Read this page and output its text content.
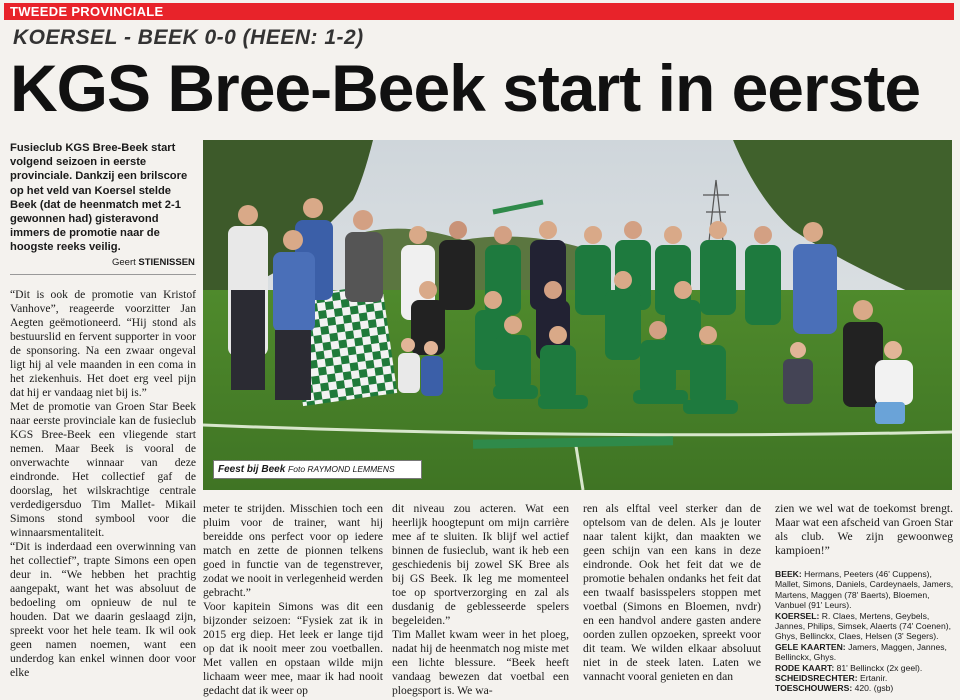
TWEEDE PROVINCIALE
KOERSEL - BEEK 0-0 (HEEN: 1-2)
KGS Bree-Beek start in eerste
Fusieclub KGS Bree-Beek start volgend seizoen in eerste provinciale. Dankzij een brilscore op het veld van Koersel stelde Beek (dat de heenmatch met 2-1 gewonnen had) gisteravond immers de promotie naar de hoogste reeks veilig.
Geert STIENISSEN

“Dit is ook de promotie van Kristof Vanhove”, reageerde voorzitter Jan Aegten geëmotioneerd. “Hij stond als bestuurslid en fervent supporter in voor de sponsoring. Na een zwaar ongeval ligt hij al vele maanden in een coma in het ziekenhuis. Het doet erg veel pijn dat hij er vandaag niet bij is.”

Met de promotie van Groen Star Beek naar eerste provinciale kan de fusieclub KGS Bree-Beek een vliegende start nemen. Maar Beek is vooral de onverwachte winnaar van deze eindronde. Het collectief gaf de doorslag, het wilskrachtige centrale verdedigersduo Tim Mallet- Mikail Simons stond symbool voor die winnaarsmentaliteit.

“Dit is inderdaad een overwinning van het collectief”, trapte Simons een open deur in. “We hebben het prachtig aangepakt, want het was absoluut de bedoeling om opnieuw de nul te houden. Dat we daarin geslaagd zijn, spreekt voor het hele team. Ik wil ook geen namen noemen, want een underdog kan enkel winnen door voor elke

Feest bij Beek Foto RAYMOND LEMMENS

meter te strijden. Misschien toch een pluim voor de trainer, want hij bereidde ons perfect voor op iedere match en zette de pionnen telkens goed in functie van de tegenstrever, zodat we nooit in verlegenheid werden gebracht.”

Voor kapitein Simons was dit een bijzonder seizoen: “Fysiek zat ik in 2015 erg diep. Het leek er lange tijd op dat ik nooit meer zou voetballen. Met vallen en opstaan wilde mijn lichaam weer mee, maar ik had nooit gedacht dat ik weer op

dit niveau zou acteren. Wat een heerlijk hoogtepunt om mijn carrière mee af te sluiten. Ik blijf wel actief binnen de fusieclub, want ik heb een geschiedenis bij zowel SK Bree als bij GS Beek. Ik leg me momenteel toe op sportverzorging en zal als dusdanig de geblesseerde spelers begeleiden.”

Tim Mallet kwam weer in het ploeg, nadat hij de heenmatch nog miste met een lichte blessure. “Beek heeft vandaag bewezen dat voetbal een ploegsport is. We wa-

ren als elftal veel sterker dan de optelsom van de delen. Als je louter naar talent kijkt, dan maakten we geen schijn van een kans in deze eindronde. Ook het feit dat we de promotie behalen ondanks het feit dat een twaalf basisspelers stoppen met voetbal (Simons en Bloemen, nvdr) en een handvol andere gasten andere oorden zullen opzoeken, spreekt voor dit team. We wilden elkaar absoluut niet in de steek laten. Laten we vannacht vooral genieten en dan

zien we wel wat de toekomst brengt. Maar wat een afscheid van Groen Star als club. We zijn gewoonweg kampioen!”

BEEK: Hermans, Peeters (46' Cuppens), Mallet, Simons, Daniels, Cardeynaels, Jamers, Martens, Maggen (78' Baerts), Bloemen, Vanbuel (91' Leurs).

KOERSEL: R. Claes, Mertens, Geybels, Jannes, Philips, Simsek, Alaerts (74' Coenen), Ghys, Bellinckx, Claes, Helsen (3' Segers).

GELE KAARTEN: Jamers, Maggen, Jannes, Bellinckx, Ghys.

RODE KAART: 81' Bellinckx (2x geel).

SCHEIDSRECHTER: Ertanir.

TOESCHOUWERS: 420. (gsb)
